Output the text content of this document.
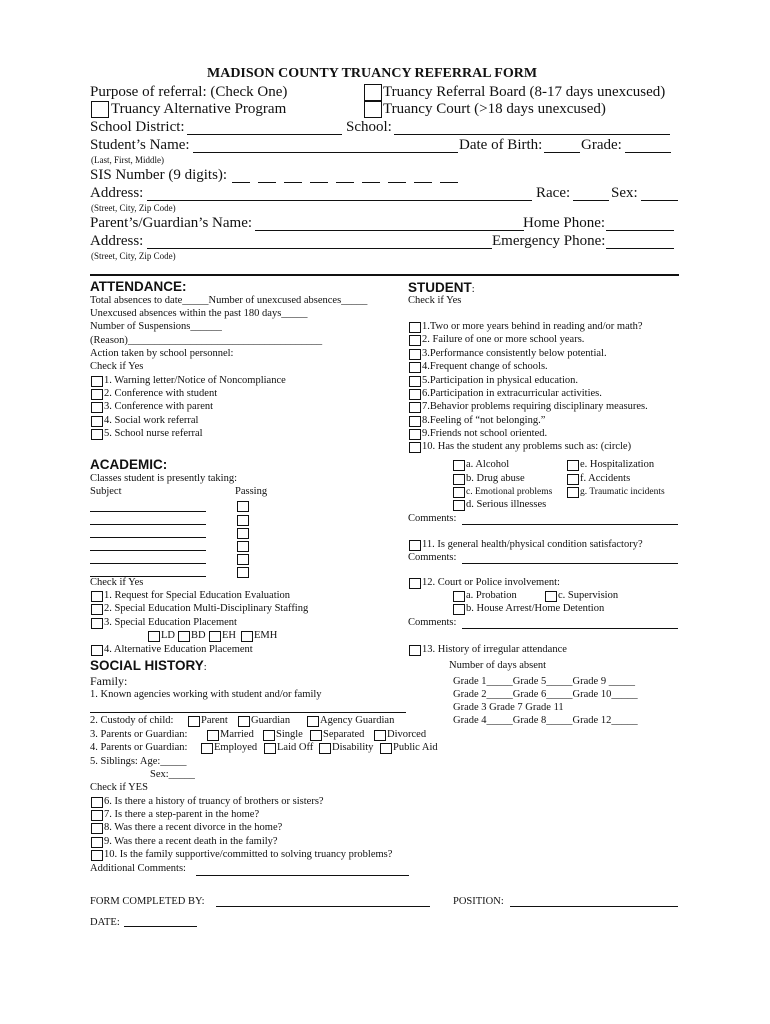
MADISON COUNTY TRUANCY REFERRAL FORM
Purpose of referral: (Check One)	Truancy Referral Board (8-17 days unexcused)
Truancy Alternative Program	Truancy Court (>18 days unexcused)
School District:	School:
Student’s Name:	Date of Birth:	Grade:
(Last, First, Middle)
SIS Number (9 digits):
Address:	Race:	Sex:
(Street, City, Zip Code)
Parent’s/Guardian’s Name:	Home Phone:
Address:	Emergency Phone:
(Street, City, Zip Code)
ATTENDANCE:
Total absences to date_____Number of unexcused absences_____
Unexcused absences within the past 180 days_____
Number of Suspensions______
(Reason)_____________________________________
Action taken by school personnel:
Check if Yes
1. Warning letter/Notice of Noncompliance
2. Conference with student
3. Conference with parent
4. Social work referral
5. School nurse referral
ACADEMIC:
Classes student is presently taking:
Subject	Passing
Check if Yes
1. Request for Special Education Evaluation
2. Special Education Multi-Disciplinary Staffing
3. Special Education Placement
LD BD EH EMH
4. Alternative Education Placement
SOCIAL HISTORY:
Family:
1. Known agencies working with student and/or family
2. Custody of child:	Parent Guardian	Agency Guardian
3. Parents or Guardian:	Married Single Separated Divorced
4. Parents or Guardian:	Employed Laid Off Disability Public Aid
5. Siblings: Age:_____
Sex:_____
Check if YES
6. Is there a history of truancy of brothers or sisters?
7. Is there a step-parent in the home?
8. Was there a recent divorce in the home?
9. Was there a recent death in the family?
10. Is the family supportive/committed to solving truancy problems?
Additional Comments:
STUDENT:
Check if Yes
1.Two or more years behind in reading and/or math?
2. Failure of one or more school years.
3.Performance consistently below potential.
4.Frequent change of schools.
5.Participation in physical education.
6.Participation in extracurricular activities.
7.Behavior problems requiring disciplinary measures.
8.Feeling of “not belonging.”
9.Friends not school oriented.
10. Has the student any problems such as: (circle)
a. Alcohol
b. Drug abuse
c. Emotional problems
d. Serious illnesses
e. Hospitalization
f. Accidents
g. Traumatic incidents
Comments:
11. Is general health/physical condition satisfactory?
Comments:
12. Court or Police involvement:
a. Probation	c. Supervision
b. House Arrest/Home Detention
Comments:
13. History of irregular attendance
Number of days absent
Grade 1_____Grade 5_____Grade 9 _____
Grade 2_____Grade 6_____Grade 10_____
Grade 3 Grade 7 Grade 11
Grade 4_____Grade 8_____Grade 12_____
FORM COMPLETED BY:	POSITION:
DATE:
